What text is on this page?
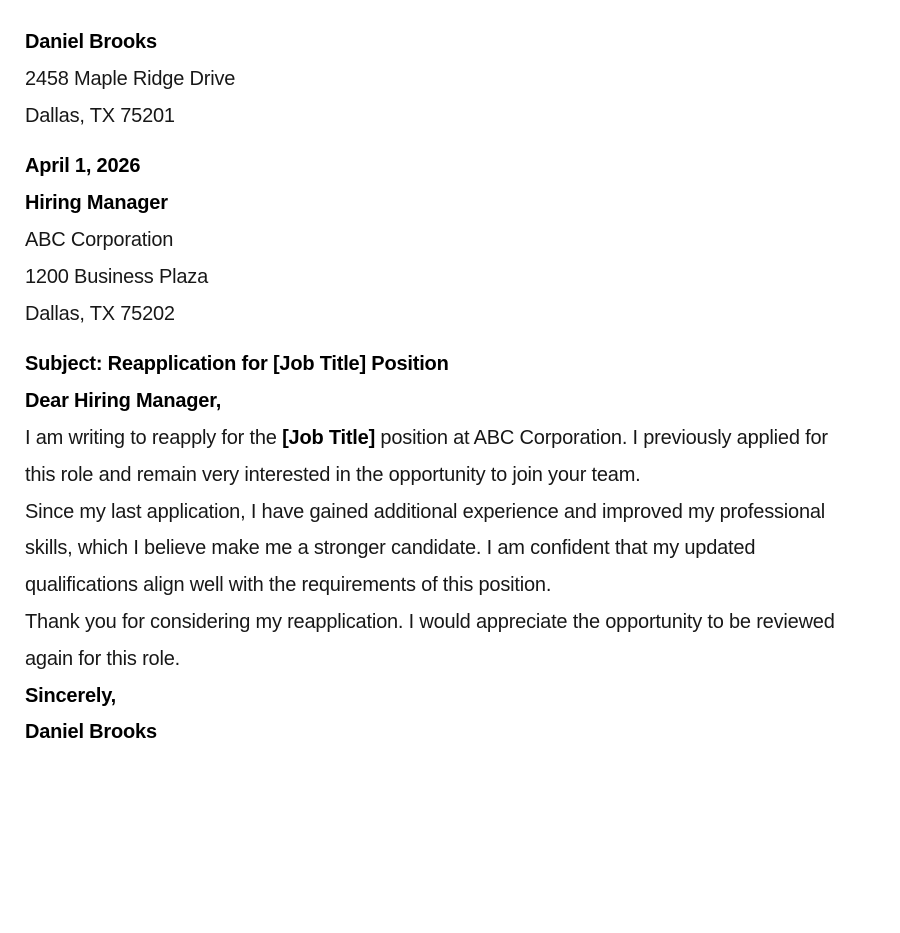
Daniel Brooks

2458 Maple Ridge Drive

Dallas, TX 75201

April 1, 2026

Hiring Manager

ABC Corporation

1200 Business Plaza

Dallas, TX 75202

Subject: Reapplication for [Job Title] Position

Dear Hiring Manager,

I am writing to reapply for the [Job Title] position at ABC Corporation. I previously applied for this role and remain very interested in the opportunity to join your team.

Since my last application, I have gained additional experience and improved my professional skills, which I believe make me a stronger candidate. I am confident that my updated qualifications align well with the requirements of this position.

Thank you for considering my reapplication. I would appreciate the opportunity to be reviewed again for this role.

Sincerely,

Daniel Brooks
